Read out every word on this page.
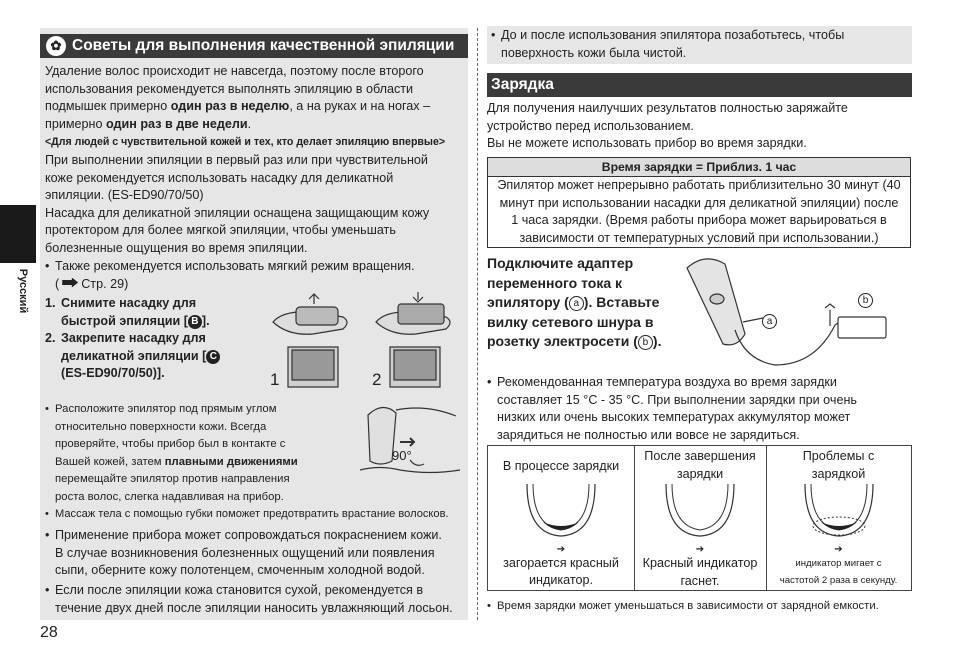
Русский
✿ Советы для выполнения качественной эпиляции
Удаление волос происходит не навсегда, поэтому после второго
использования рекомендуется выполнять эпиляцию в области
подмышек примерно один раз в неделю, а на руках и на ногах –
примерно один раз в две недели.
<Для людей с чувствительной кожей и тех, кто делает эпиляцию впервые>
При выполнении эпиляции в первый раз или при чувствительной
коже рекомендуется использовать насадку для деликатной
эпиляции. (ES-ED90/70/50)
Насадка для деликатной эпиляции оснащена защищающим кожу
протектором для более мягкой эпиляции, чтобы уменьшать
болезненные ощущения во время эпиляции.
• Также рекомендуется использовать мягкий режим вращения.
( Стр. 29)
1. Снимите насадку для
быстрой эпиляции [ B ].
2. Закрепите насадку для
деликатной эпиляции [ C
(ES-ED90/70/50)].	1	2
• Расположите эпилятор под прямым углом
относительно поверхности кожи. Всегда
проверяйте, чтобы прибор был в контакте с
Вашей кожей, затем плавными движениями
перемещайте эпилятор против направления
роста волос, слегка надавливая на прибор.
90°
• Массаж тела с помощью губки поможет предотвратить врастание волосков.
• Применение прибора может сопровождаться покраснением кожи.
В случае возникновения болезненных ощущений или появления
сыпи, оберните кожу полотенцем, смоченным холодной водой.
• Если после эпиляции кожа становится сухой, рекомендуется в
течение двух дней после эпиляции наносить увлажняющий лосьон.
28
• До и после использования эпилятора позаботьтесь, чтобы
поверхность кожи была чистой.
Зарядка
Для получения наилучших результатов полностью заряжайте
устройство перед использованием.
Вы не можете использовать прибор во время зарядки.
Время зарядки = Приблиз. 1 час
Эпилятор может непрерывно работать приблизительно 30 минут (40
минут при использовании насадки для деликатной эпиляции) после
1 часа зарядки. (Время работы прибора может варьироваться в
зависимости от температурных условий при использовании.)
Подключите адаптер
переменного тока к
эпилятору ( a ). Вставьте
вилку сетевого шнура в
розетку электросети ( b ).
a
b
• Рекомендованная температура воздуха во время зарядки
составляет 15 °C - 35 °C. При выполнении зарядки при очень
низких или очень высоких температурах аккумулятор может
зарядиться не полностью или вовсе не зарядиться.
В процессе зарядки
➔
загорается красный
индикатор.
После завершения
зарядки
➔
Красный индикатор
гаснет.
Проблемы с
зарядкой
➔
индикатор мигает с
частотой 2 раза в секунду.
• Время зарядки может уменьшаться в зависимости от зарядной емкости.
